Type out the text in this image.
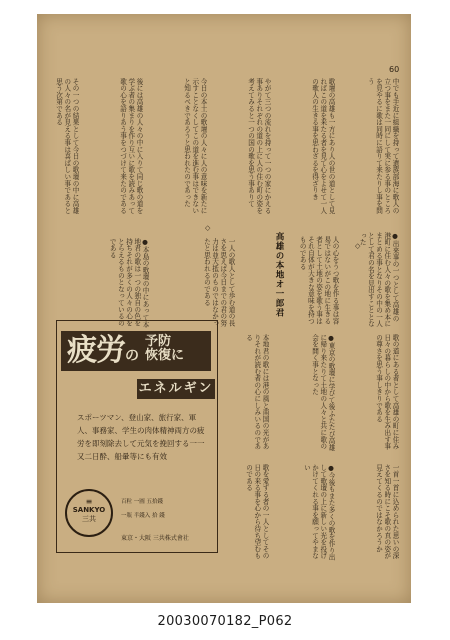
60
中でも手近に組織を持って遺族部海に歌人の立つ事をまた一同にして実に参る事のところを見やるに歌は同時に語りて来たりし事を問う
歌壇の高雄も一方にあり人の世の道として見ればこの道を来たる者を見て心をよせて一人の歌人の生きる事を思わざるを得ざりき
やがて三つの流れを持って一つの家にかえる事ありそれぞれの道の上に人の住む町の姿を考えてみると一つの国の歌を思う事ありて
今日の本土の歌壇の人々に人の意味を新たに示すことなくしてこの道を進む事はできないと知るべきであろうと思われたのであった
後には高雄の人々の中に入りて同じ歌の道を学ぶ者の集まりを作り互いに歌を読みあって歌の心を語りあう事をつづけて来たのである
その一つの結果として今日の歌壇の中に高雄の人々の名が見える事は喜ばしい事であると思う次第である
◇
◇
高雄の本地オ一郎君	●出来事の一つとして高雄の港町に住む人々の歌を集め本にまとめる事となりその中の一人として君の名を見出すこととなった
人の心をうつ歌を作る事は容易ではないがこの地に生きる者として土地の姿を歌う事はそれ自体が大きな意味を持つものである
一人の歌人として歩む道の長さを思えば今日までの君の努力は並大抵のものではなかったと思われるのである
●本島の歌壇の中にあって本地君の歌は一つの独自の色を持ちそれが多くの人々の心をとらえるものとなっているのである
歌の道にある者として高雄の町に住み日々の暮らしの中から歌を生み出す事の尊さを思う事しきりである
●東京の歌壇に学びて後ふたたび高雄に帰り来たりて土地の人々と共に歌の会を開く事となった
本地君の歌には港の風と南国の光がありそれが読む者の心にしみいるのである
一首一首に込められた思いの深さを知る時にこそ歌の真の姿が見えてくるのではなかろうか
●今後もまた多くの歌を作り出して歌壇の上に新しい光を投げかけてくれる事を願ってやまない
歌を愛する者の一人としてその日の来る事を心から待ち望むものである
疲労の
予防
恢復に
エネルギン
スポーツマン、登山家、旅行家、軍人、事務家、学生の肉体精神両方の疲労を即刻除去して元気を挽回する一一又二日酔、船暈等にも有效
≡
SANKYO
三共
百粒 一圓 五拾錢
一瓶 半錢入 拾 錢
東京・大阪 三共株式會社
20030070182_P062
